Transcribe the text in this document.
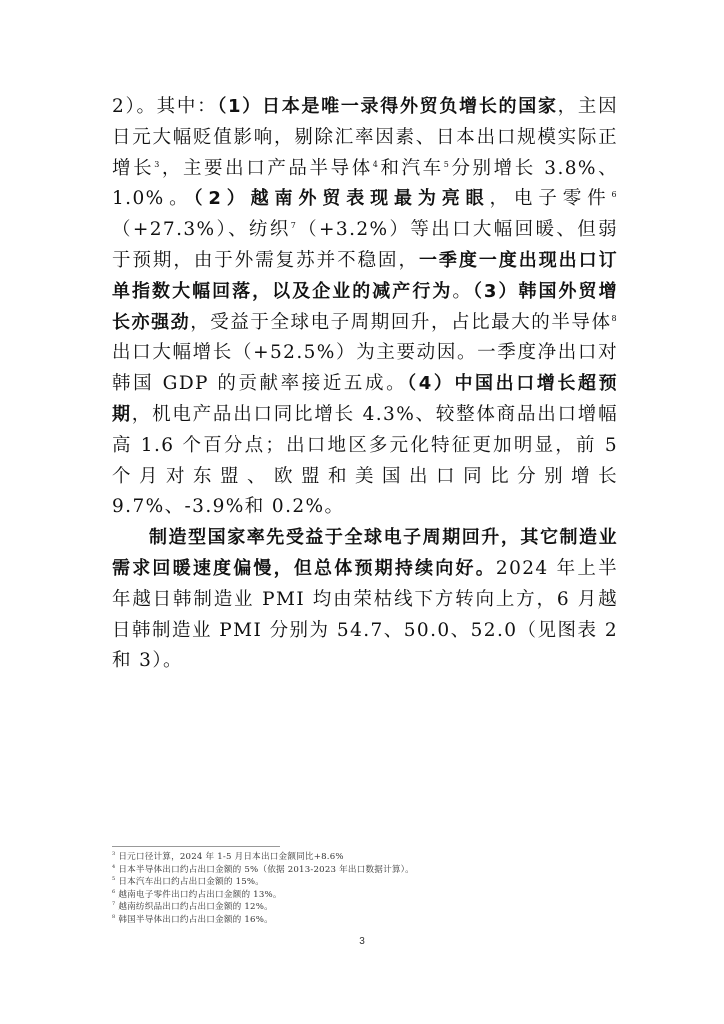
2）。其中：（1）日本是唯一录得外贸负增长的国家，主因日元大幅贬值影响，剔除汇率因素、日本出口规模实际正增长$^3$，主要出口产品半导体$^4$和汽车$^5$分别增长 3.8%、1.0%。（2）越南外贸表现最为亮眼，电子零件$^6$（+27.3%）、纺织$^7$（+3.2%）等出口大幅回暖、但弱于预期，由于外需复苏并不稳固，一季度一度出现出口订单指数大幅回落，以及企业的减产行为。（3）韩国外贸增长亦强劲，受益于全球电子周期回升，占比最大的半导体$^8$出口大幅增长（+52.5%）为主要动因。一季度净出口对韩国 GDP 的贡献率接近五成。（4）中国出口增长超预期，机电产品出口同比增长 4.3%、较整体商品出口增幅高 1.6 个百分点；出口地区多元化特征更加明显，前 5 个月对东盟、欧盟和美国出口同比分别增长 9.7%、-3.9%和 0.2%。

制造型国家率先受益于全球电子周期回升，其它制造业需求回暖速度偏慢，但总体预期持续向好。2024 年上半年越日韩制造业 PMI 均由荣枯线下方转向上方，6 月越日韩制造业 PMI 分别为 54.7、50.0、52.0（见图表 2 和 3）。

$^3$ 日元口径计算，2024 年 1-5 月日本出口金额同比+8.6%
$^4$ 日本半导体出口约占出口金额的 5%（依据 2013-2023 年出口数据计算）。
$^5$ 日本汽车出口约占出口金额的 15%。
$^6$ 越南电子零件出口约占出口金额的 13%。
$^7$ 越南纺织品出口约占出口金额的 12%。
$^8$ 韩国半导体出口约占出口金额的 16%。
3
